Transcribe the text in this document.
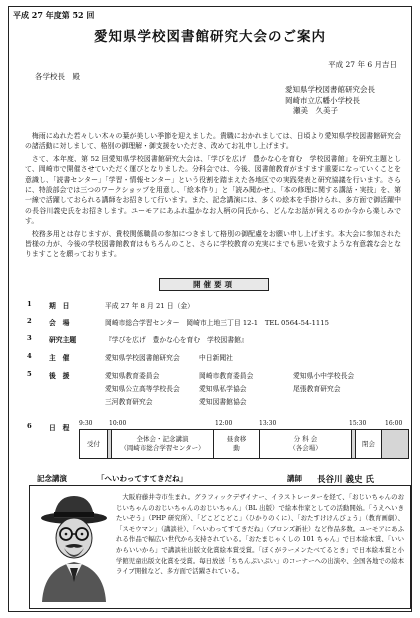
平成 27 年度第 52 回
愛知県学校図書館研究大会のご案内
平成 27 年 6 月吉日
各学校長　殿
愛知県学校図書館研究会長
岡崎市立広幡小学校長
瀬美　久美子

梅雨にぬれた若々しい木々の葉が美しい季節を迎えました。貴職におかれましては、日頃より愛知県学校図書館研究会の諸活動に対しまして、格別の御理解・御支援をいただき、改めてお礼申し上げます。

さて、本年度、第 52 回愛知県学校図書館研究大会は、「学びを広げ　豊かな心を育む　学校図書館」を研究主題として、岡崎市で開催させていただく運びとなりました。分科会では、今後、図書館教育がますます重要になっていくことを意識し、「読書センター」「学習・情報センター」という役割を踏まえた各地区での実践発表と研究協議を行います。さらに、特設部会では三つのワークショップを用意し、「絵本作り」と「読み聞かせ」、「本の修理に関する講話・実技」を、第一線で活躍しておられる講師をお招きして行います。また、記念講演には、多くの絵本を手掛けられ、多方面で御活躍中の長谷川義史氏をお招きします。ユーモアにあふれ温かなお人柄の同氏から、どんなお話が伺えるのか今から楽しみです。

校務多用とは存じますが、貴校関係職員の参加につきまして格別の御配慮をお願い申し上げます。本大会に参加された皆様の力が、今後の学校図書館教育はもちろんのこと、さらに学校教育の充実にまでも思いを致すような有意義な会となりますことを願っております。

開催要項
1	期　日	平成 27 年 8 月 21 日（金）
2	会　場	岡崎市総合学習センター　岡崎市上地三丁目 12-1　TEL 0564-54-1115
3	研究主題	『学びを広げ　豊かな心を育む　学校図書館』
4	主　催	愛知県学校図書館研究会	中日新聞社
5	後　援	愛知県教育委員会	岡崎市教育委員会	愛知県小中学校長会
愛知県公立高等学校長会	愛知県私学協会	尾張教育研究会
三河教育研究会	愛知図書館協会
6	日　程
9:30	10:00	12:00	13:30	15:30	16:00
受付
全体会・記念講演
（岡崎市総合学習センター）
昼食移動
分 科 会
（各会場）
閉会
記念講演	「へいわってすてきだね」	講師	長谷川 義史 氏

大阪府藤井寺市生まれ。グラフィックデザイナー、イラストレーターを経て、「おじいちゃんのおじいちゃんのおじいちゃんのおじいちゃん」（BL 出版）で絵本作家としての活動開始。「うえへいきたいぞう」（PHP 研究所）、「どこどこどこ」（ひかりのくに）、「おたすけけんびょう」（教育画劇）、「スモウマン」（講談社）、「へいわってすてきだね」（ブロンズ新社）など作品多数。ユーモアにあふれる作品で幅広い世代から支持されている。「おたまじゃくしの 101 ちゃん」で日本絵本賞、「いいからいいから」で講談社出版文化賞絵本賞受賞。「ぼくがラーメンたべてるとき」で日本絵本賞と小学館児童出版文化賞を受賞。毎日放送「ちちんぷいぷい」のコーナーへの出演や、全国各地での絵本ライブ開催など、多方面で活躍されている。
